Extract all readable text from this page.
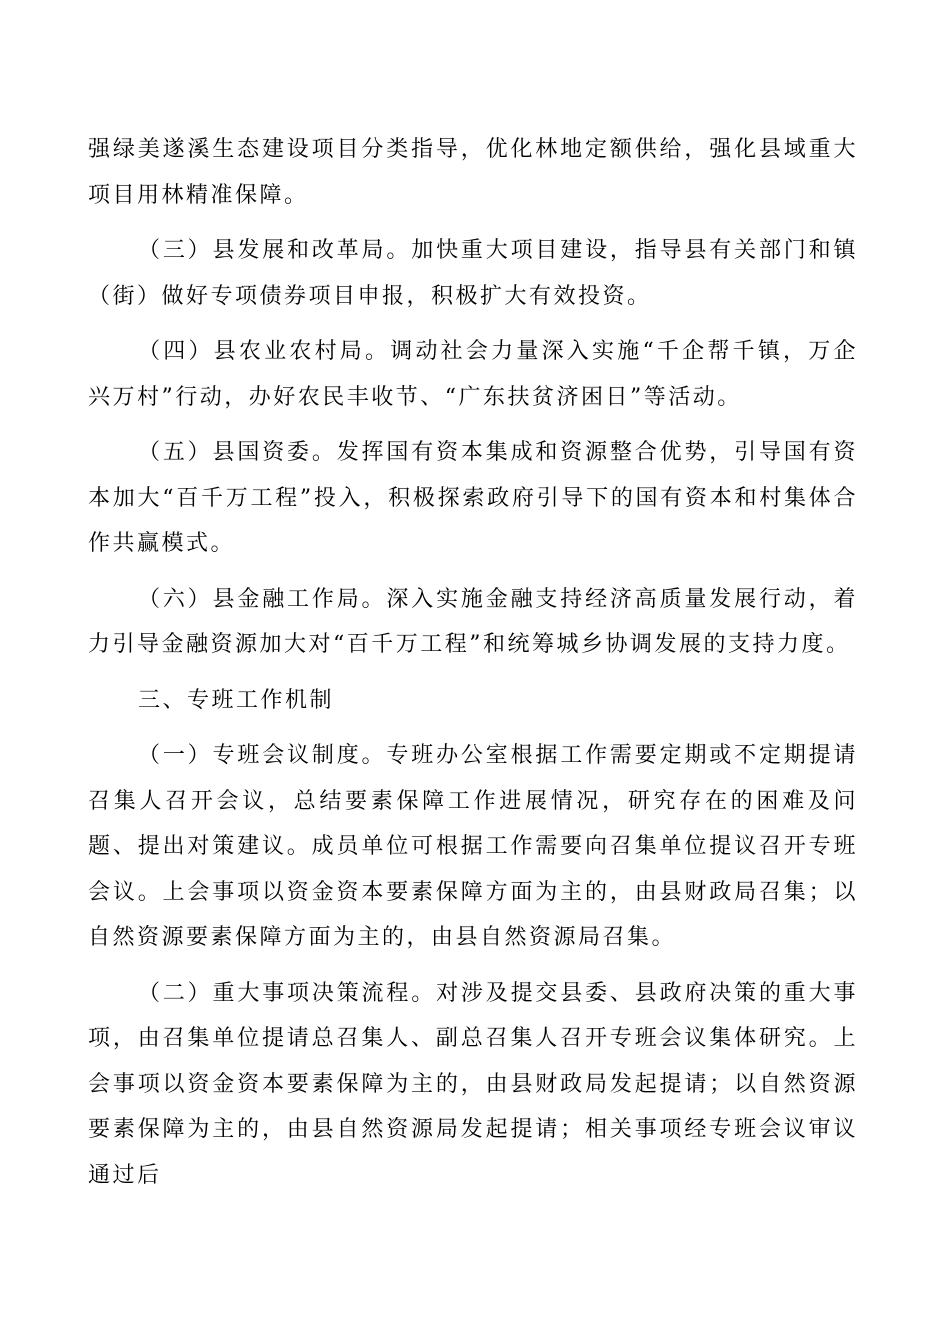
强绿美遂溪生态建设项目分类指导，优化林地定额供给，强化县域重大项目用林精准保障。

（三）县发展和改革局。加快重大项目建设，指导县有关部门和镇（街）做好专项债券项目申报，积极扩大有效投资。

（四）县农业农村局。调动社会力量深入实施“千企帮千镇，万企兴万村”行动，办好农民丰收节、“广东扶贫济困日”等活动。

（五）县国资委。发挥国有资本集成和资源整合优势，引导国有资本加大“百千万工程”投入，积极探索政府引导下的国有资本和村集体合作共赢模式。

（六）县金融工作局。深入实施金融支持经济高质量发展行动，着力引导金融资源加大对“百千万工程”和统筹城乡协调发展的支持力度。

三、专班工作机制

（一）专班会议制度。专班办公室根据工作需要定期或不定期提请召集人召开会议，总结要素保障工作进展情况，研究存在的困难及问题、提出对策建议。成员单位可根据工作需要向召集单位提议召开专班会议。上会事项以资金资本要素保障方面为主的，由县财政局召集；以自然资源要素保障方面为主的，由县自然资源局召集。

（二）重大事项决策流程。对涉及提交县委、县政府决策的重大事项，由召集单位提请总召集人、副总召集人召开专班会议集体研究。上会事项以资金资本要素保障为主的，由县财政局发起提请；以自然资源要素保障为主的，由县自然资源局发起提请；相关事项经专班会议审议通过后
